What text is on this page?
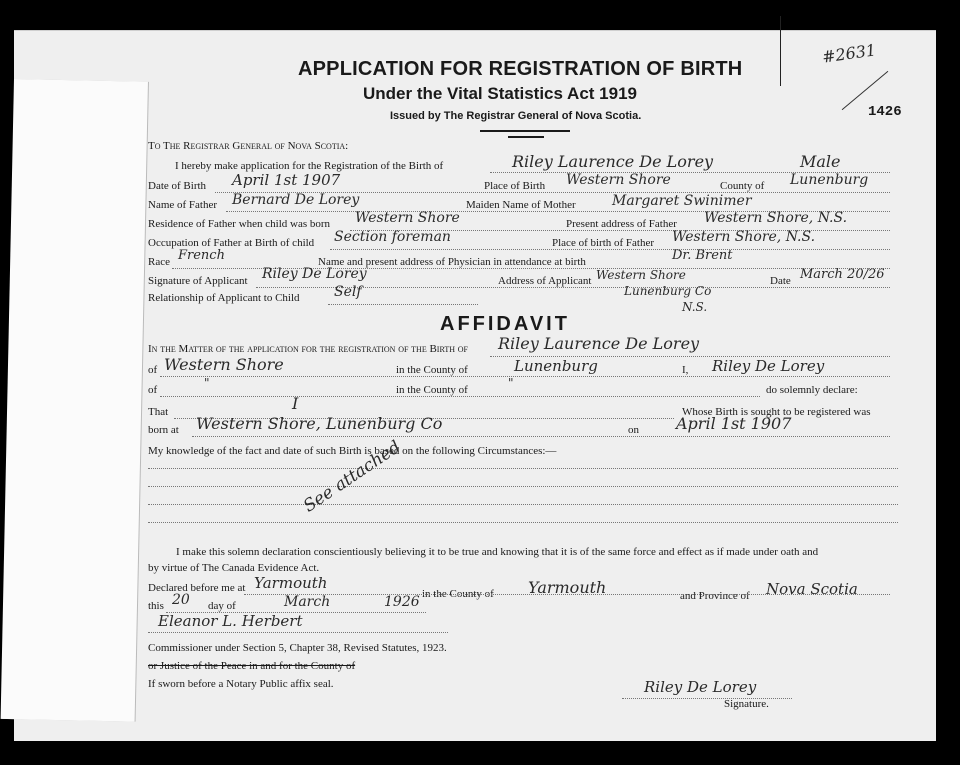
#2631
1426
APPLICATION FOR REGISTRATION OF BIRTH
Under the Vital Statistics Act 1919
Issued by The Registrar General of Nova Scotia.
To The Registrar General of Nova Scotia:
I hereby make application for the Registration of the Birth of	Riley Laurence De Lorey	Male
Date of Birth April 1st 1907	Place of Birth Western Shore	County of Lunenburg
Name of Father Bernard De Lorey	Maiden Name of Mother	Margaret Swinimer
Residence of Father when child was born Western Shore	Present address of Father Western Shore, N.S.
Occupation of Father at Birth of child Section foreman	Place of birth of Father Western Shore, N.S.
Race French	Name and present address of Physician in attendance at birth	Dr. Brent
Signature of Applicant Riley De Lorey	Address of Applicant Western Shore	Date March 20/26
Relationship of Applicant to Child Self	Lunenburg Co
N.S.
AFFIDAVIT
In the Matter of the application for the registration of the Birth of Riley Laurence De Lorey
of Western Shore	in the County of	Lunenburg	I, Riley De Lorey
of	"	in the County of	"	do solemnly declare:
That	I	Whose Birth is sought to be registered was
born at Western Shore, Lunenburg Co	on April 1st 1907
My knowledge of the fact and date of such Birth is based on the following Circumstances:—
See attached
I make this solemn declaration conscientiously believing it to be true and knowing that it is of the same force and effect as if made under oath and
by virtue of The Canada Evidence Act.
Declared before me at Yarmouth
in the County of Yarmouth	and Province of Nova Scotia
this 20 day of	March	1926
Eleanor L. Herbert
Commissioner under Section 5, Chapter 38, Revised Statutes, 1923.
or Justice of the Peace in and for the County of
If sworn before a Notary Public affix seal.	Riley De Lorey
Signature.
